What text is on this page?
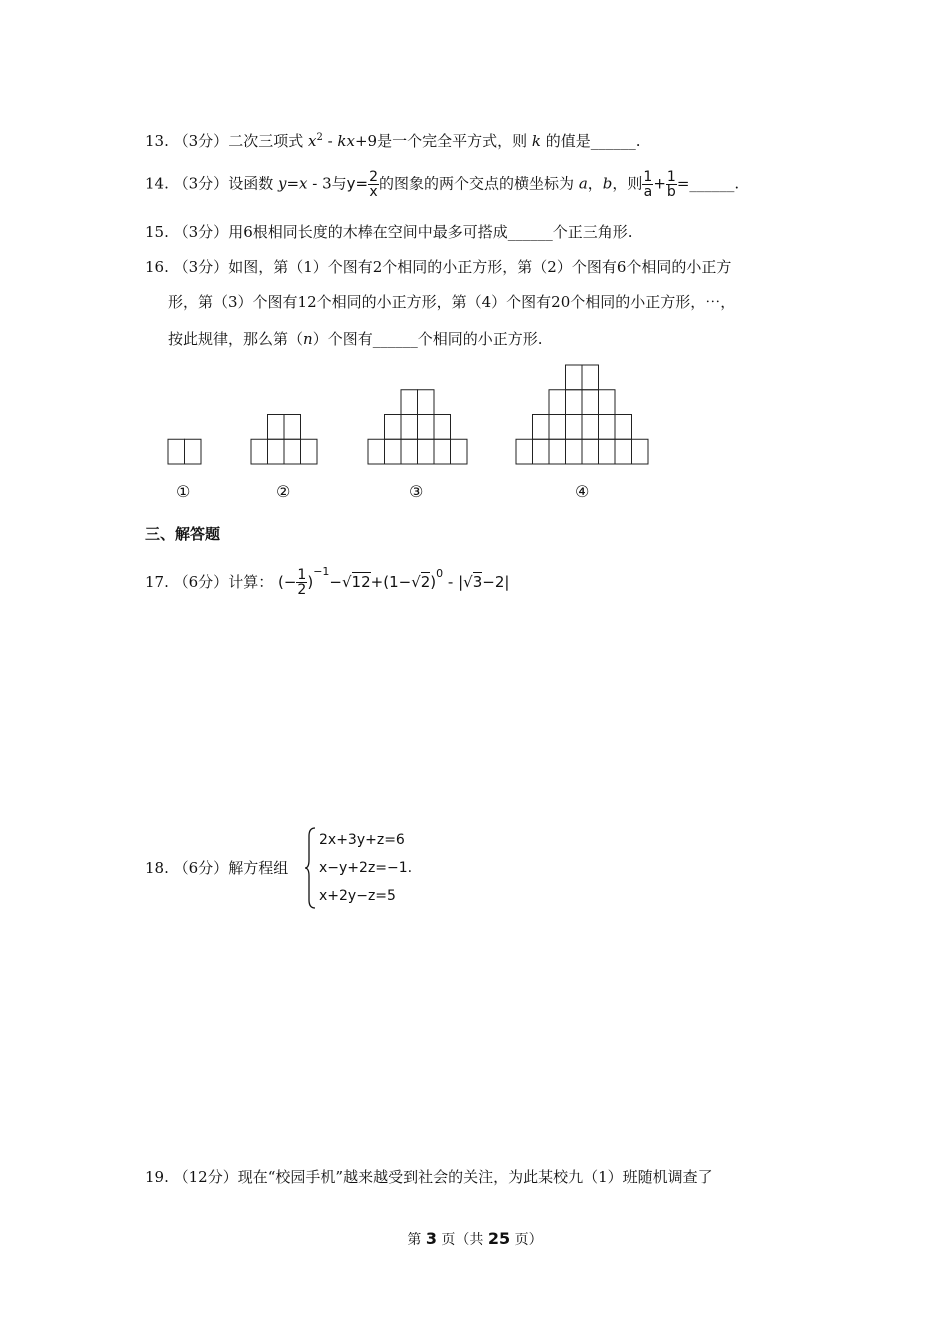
13. （3分）二次三项式 $x^2 - kx+9$是一个完全平方式，则 k 的值是______.
14. （3分）设函数 y=x - 3与$y= \frac{2}{x}$ 的图象的两个交点的横坐标为 a，b，则 $\frac{1}{a} + \frac{1}{b}$ =______.
15. （3分）用6根相同长度的木棒在空间中最多可搭成______个正三角形.
16. （3分）如图，第（1）个图有2个相同的小正方形，第（2）个图有6个相同的小正方
形，第（3）个图有12个相同的小正方形，第（4）个图有20个相同的小正方形，⋯，
按此规律，那么第（n）个图有______个相同的小正方形.
①	②	③	④
三、解答题
17. （6分）计算： (− $\frac{1}{2} )^{-1}-√12+(1-√2)^0 - |√3-2|$
18. （6分）解方程组
2x+3y+z=6
x−y+2z=−1.
x+2y−z=5
19. （12分）现在“校园手机”越来越受到社会的关注，为此某校九（1）班随机调查了
第 3 页（共 25 页）
